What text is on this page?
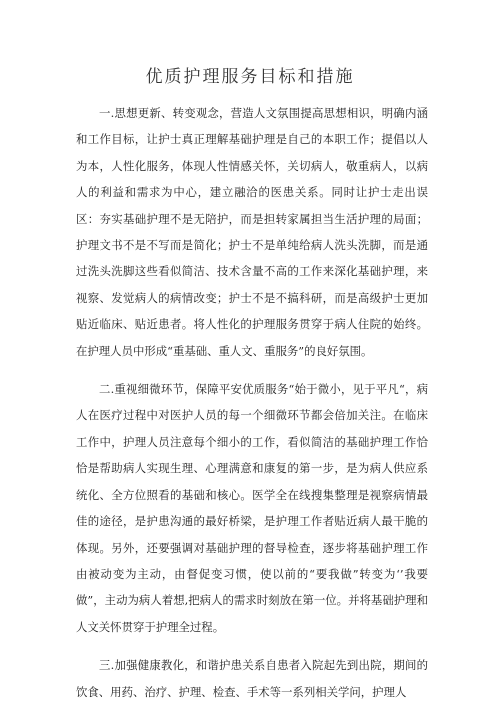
优质护理服务目标和措施

一.思想更新、转变观念，营造人文氛围提高思想相识，明确内涵和工作目标，让护士真正理解基础护理是自己的本职工作；提倡以人为本，人性化服务，体现人性情感关怀，关切病人，敬重病人，以病人的利益和需求为中心，建立融洽的医患关系。同时让护士走出误区：夯实基础护理不是无陪护，而是担转家属担当生活护理的局面；护理文书不是不写而是简化；护士不是单纯给病人洗头洗脚，而是通过洗头洗脚这些看似简洁、技术含量不高的工作来深化基础护理，来视察、发觉病人的病情改变；护士不是不搞科研，而是高级护士更加贴近临床、贴近患者。将人性化的护理服务贯穿于病人住院的始终。在护理人员中形成“重基础、重人文、重服务”的良好氛围。

二.重视细微环节，保障平安优质服务“始于微小，见于平凡“，病人在医疗过程中对医护人员的每一个细微环节都会倍加关注。在临床工作中，护理人员注意每个细小的工作，看似简洁的基础护理工作恰恰是帮助病人实现生理、心理满意和康复的第一步，是为病人供应系统化、全方位照看的基础和核心。医学全在线搜集整理是视察病情最佳的途径，是护患沟通的最好桥梁，是护理工作者贴近病人最干脆的体现。另外，还要强调对基础护理的督导检查，逐步将基础护理工作由被动变为主动，由督促变习惯，使以前的“要我做”转变为‘’我要做”，主动为病人着想,把病人的需求时刻放在第一位。并将基础护理和人文关怀贯穿于护理全过程。

三.加强健康教化，和谐护患关系自患者入院起先到出院，期间的饮食、用药、治疗、护理、检查、手术等一系列相关学问，护理人
